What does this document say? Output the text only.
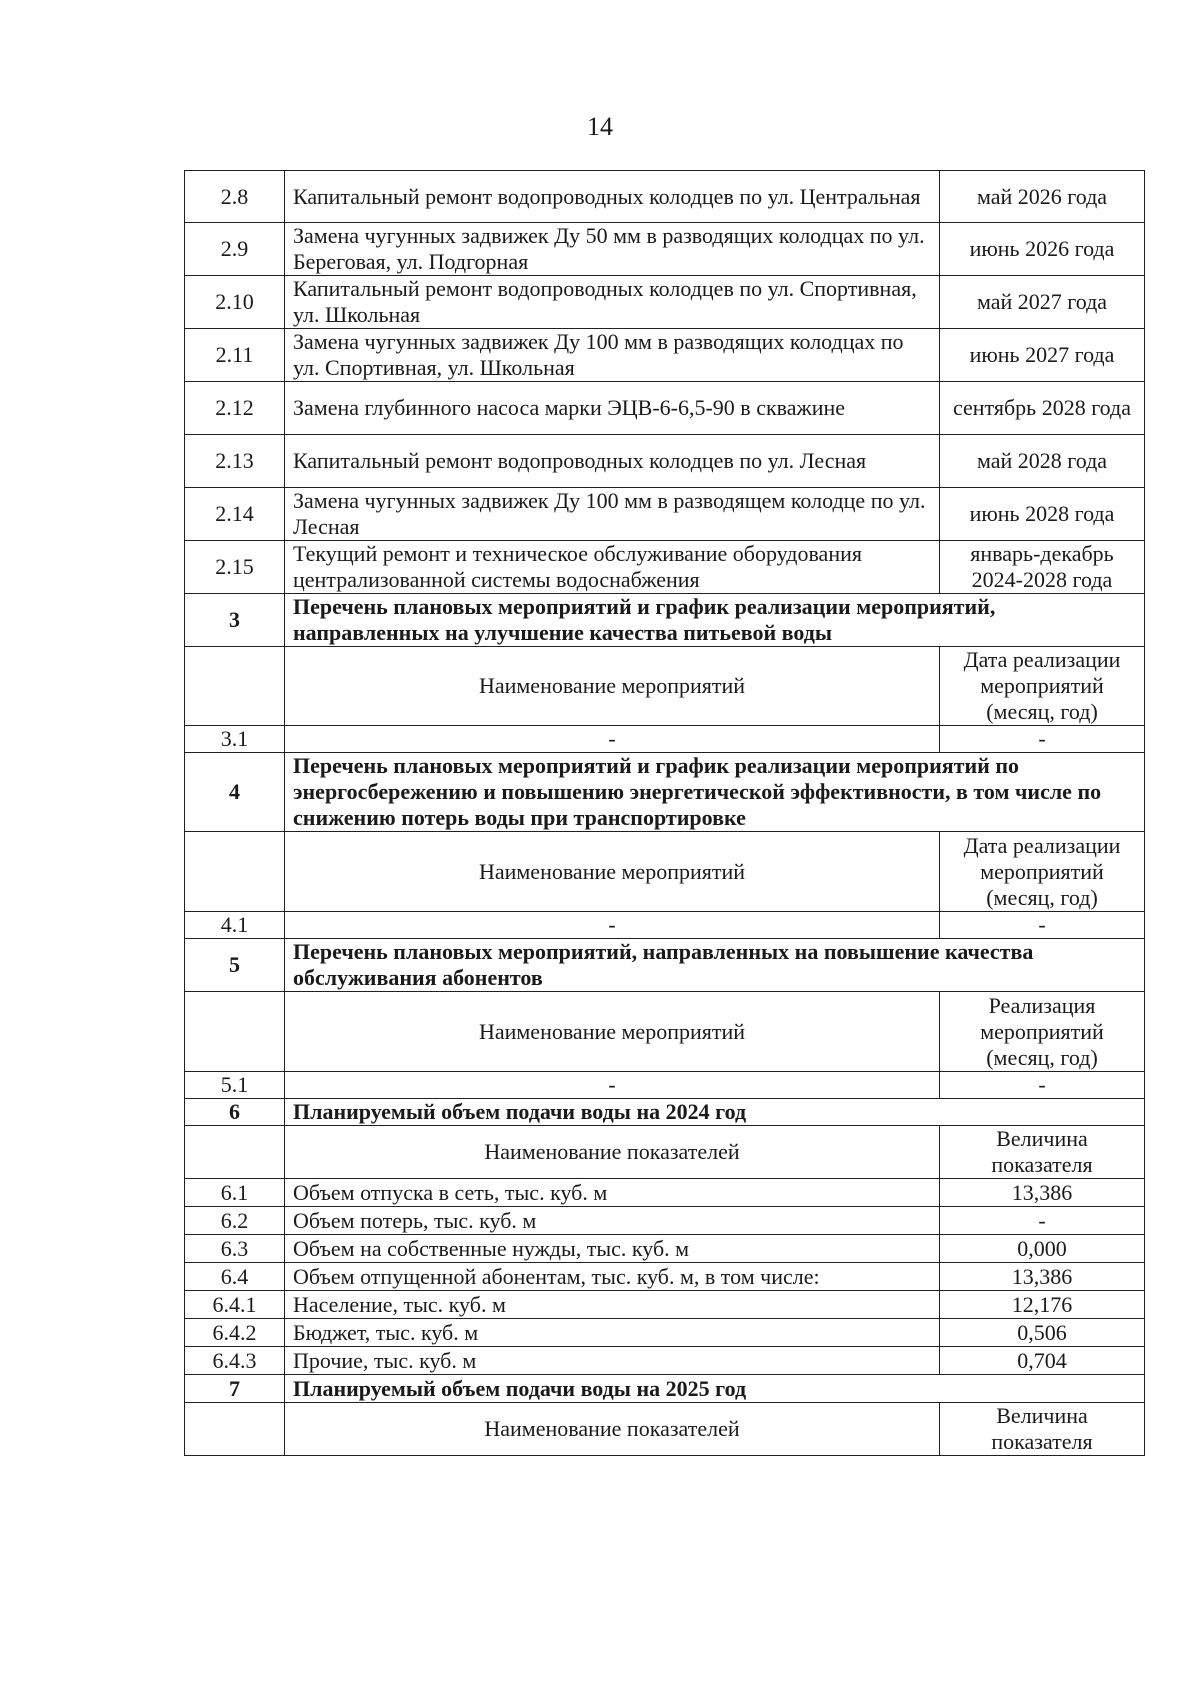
14
2.8	Капитальный ремонт водопроводных колодцев по ул. Центральная	май 2026 года
2.9	Замена чугунных задвижек Ду 50 мм в разводящих колодцах по ул. Береговая, ул. Подгорная	июнь 2026 года
2.10	Капитальный ремонт водопроводных колодцев по ул. Спортивная, ул. Школьная	май 2027 года
2.11	Замена чугунных задвижек Ду 100 мм в разводящих колодцах по ул. Спортивная, ул. Школьная	июнь 2027 года
2.12	Замена глубинного насоса марки ЭЦВ-6-6,5-90 в скважине	сентябрь 2028 года
2.13	Капитальный ремонт водопроводных колодцев по ул. Лесная	май 2028 года
2.14	Замена чугунных задвижек Ду 100 мм в разводящем колодце по ул. Лесная	июнь 2028 года
2.15	Текущий ремонт и техническое обслуживание оборудования централизованной системы водоснабжения	январь-декабрь 2024-2028 года
3	Перечень плановых мероприятий и график реализации мероприятий, направленных на улучшение качества питьевой воды	
	Наименование мероприятий	Дата реализации мероприятий (месяц, год)
3.1	-	-
4	Перечень плановых мероприятий и график реализации мероприятий по энергосбережению и повышению энергетической эффективности, в том числе по снижению потерь воды при транспортировке	
	Наименование мероприятий	Дата реализации мероприятий (месяц, год)
4.1	-	-
5	Перечень плановых мероприятий, направленных на повышение качества обслуживания абонентов	
	Наименование мероприятий	Реализация мероприятий (месяц, год)
5.1	-	-
6	Планируемый объем подачи воды на 2024 год	
	Наименование показателей	Величина показателя
6.1	Объем отпуска в сеть, тыс. куб. м	13,386
6.2	Объем потерь, тыс. куб. м	-
6.3	Объем на собственные нужды, тыс. куб. м	0,000
6.4	Объем отпущенной абонентам, тыс. куб. м, в том числе:	13,386
6.4.1	Население, тыс. куб. м	12,176
6.4.2	Бюджет, тыс. куб. м	0,506
6.4.3	Прочие, тыс. куб. м	0,704
7	Планируемый объем подачи воды на 2025 год	
	Наименование показателей	Величина показателя
